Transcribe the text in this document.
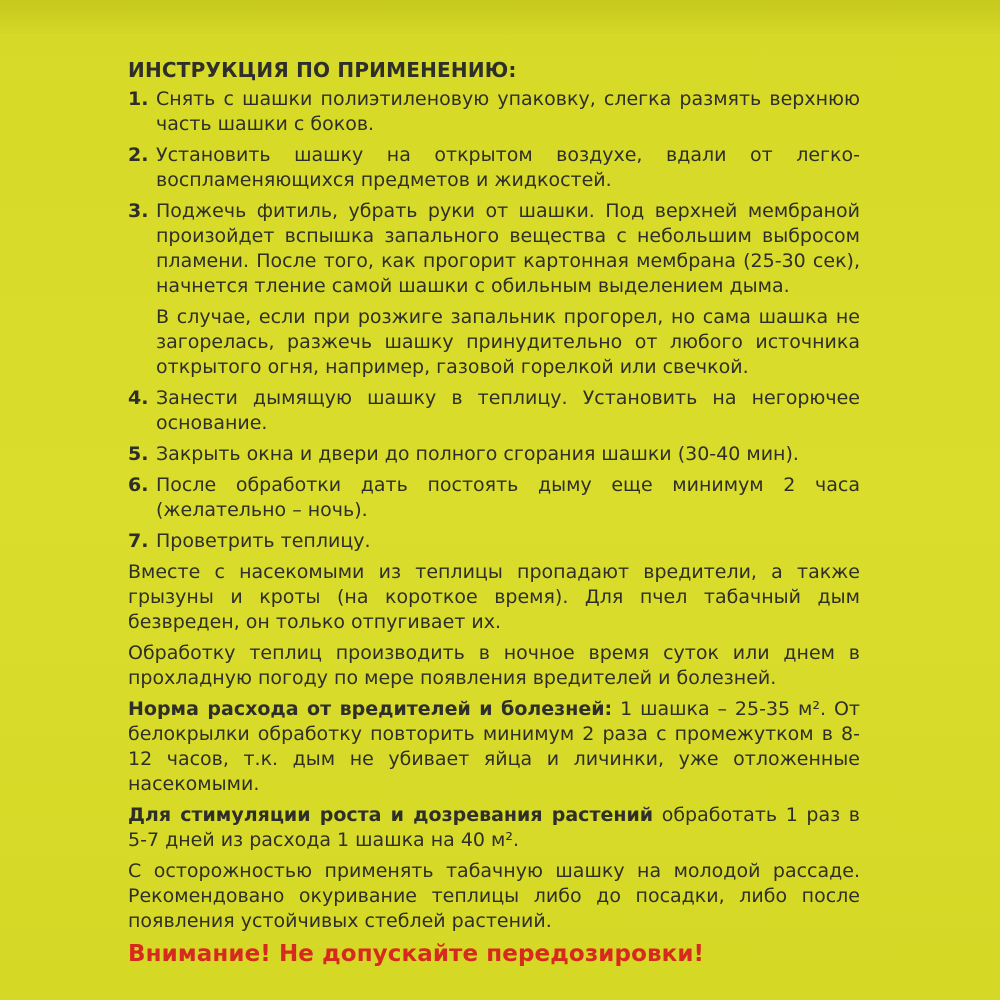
ИНСТРУКЦИЯ ПО ПРИМЕНЕНИЮ:
1. Снять с шашки полиэтиленовую упаковку, слегка размять верхнюю часть шашки с боков.

2. Установить шашку на открытом воздухе, вдали от легко-воспламеняющихся предметов и жидкостей.

3. Поджечь фитиль, убрать руки от шашки. Под верхней мембраной произойдет вспышка запального вещества с небольшим выбросом пламени. После того, как прогорит картонная мембрана (25-30 сек), начнется тление самой шашки с обильным выделением дыма.

В случае, если при розжиге запальник прогорел, но сама шашка не загорелась, разжечь шашку принудительно от любого источника открытого огня, например, газовой горелкой или свечкой.

4. Занести дымящую шашку в теплицу. Установить на негорючее основание.

5. Закрыть окна и двери до полного сгорания шашки (30-40 мин).

6. После обработки дать постоять дыму еще минимум 2 часа (желательно – ночь).

7. Проветрить теплицу.

Вместе с насекомыми из теплицы пропадают вредители, а также грызуны и кроты (на короткое время). Для пчел табачный дым безвреден, он только отпугивает их.

Обработку теплиц производить в ночное время суток или днем в прохладную погоду по мере появления вредителей и болезней.

Норма расхода от вредителей и болезней: 1 шашка – 25-35 м². От белокрылки обработку повторить минимум 2 раза с промежутком в 8-12 часов, т.к. дым не убивает яйца и личинки, уже отложенные насекомыми.

Для стимуляции роста и дозревания растений обработать 1 раз в 5-7 дней из расхода 1 шашка на 40 м².

С осторожностью применять табачную шашку на молодой рассаде. Рекомендовано окуривание теплицы либо до посадки, либо после появления устойчивых стеблей растений.

Внимание! Не допускайте передозировки!
